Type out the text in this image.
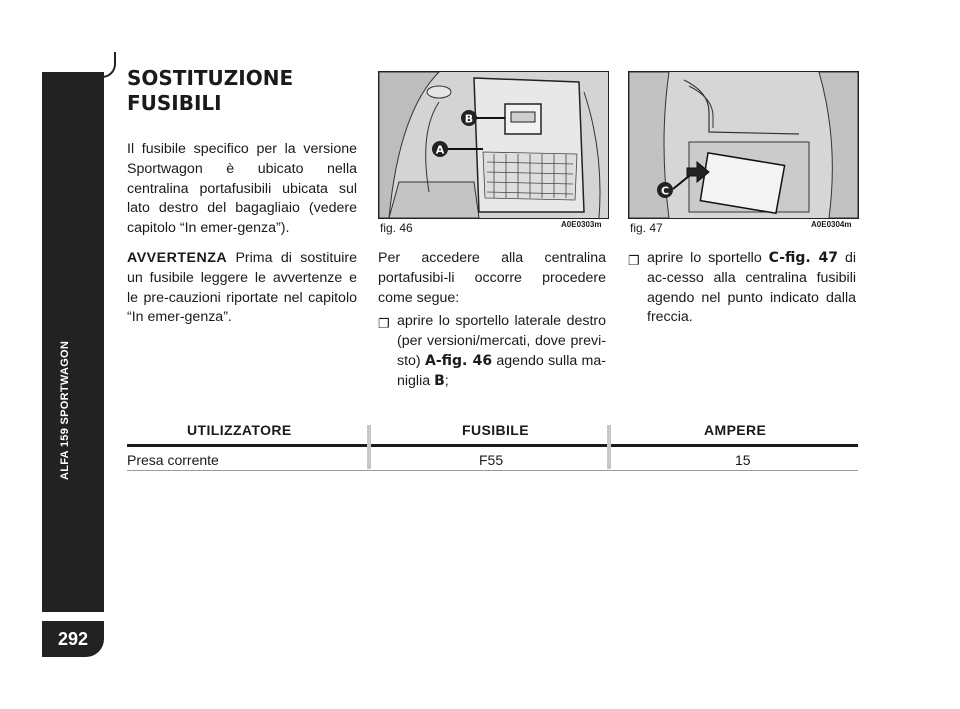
ALFA 159 SPORTWAGON
292
SOSTITUZIONE
FUSIBILI

Il fusibile specifico per la versione Sportwagon è ubicato nella centralina portafusibili ubicata sul lato destro del bagagliaio (vedere capitolo “In emer-genza”).

AVVERTENZA Prima di sostituire un fusibile leggere le avvertenze e le pre-cauzioni riportate nel capitolo “In emer-genza”.

B
A
fig. 46	A0E0303m
C
fig. 47	A0E0304m

Per accedere alla centralina portafusibi-li occorre procedere come segue:

❐ aprire lo sportello laterale destro (per versioni/mercati, dove previ-sto) A-fig. 46 agendo sulla ma-niglia B;

❐ aprire lo sportello C-fig. 47 di ac-cesso alla centralina fusibili agendo nel punto indicato dalla freccia.

UTILIZZATORE	FUSIBILE	AMPERE
Presa corrente	F55	15
